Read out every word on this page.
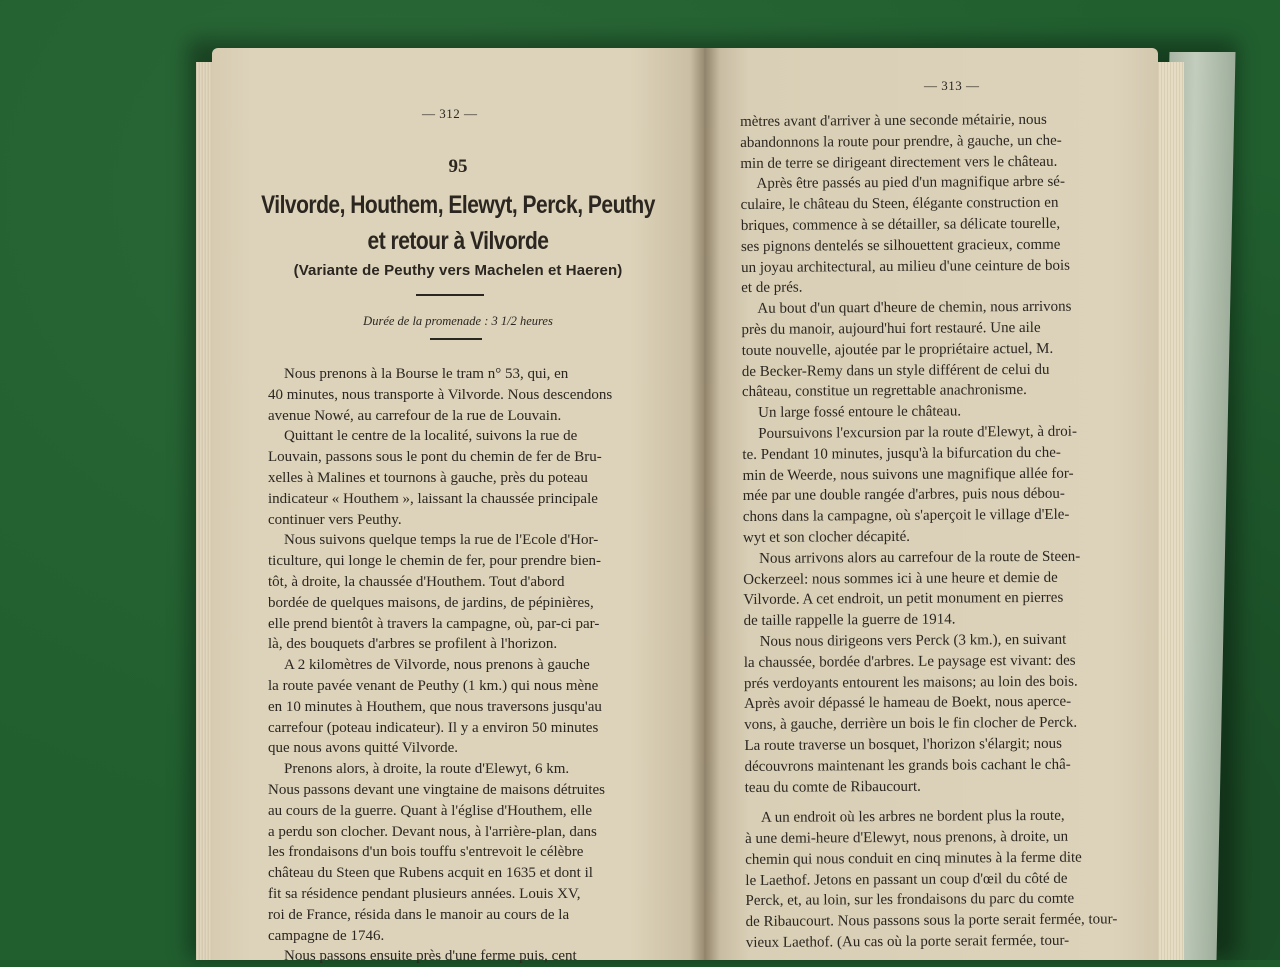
— 312 —
95
Vilvorde, Houthem, Elewyt, Perck, Peuthy
et retour à Vilvorde
(Variante de Peuthy vers Machelen et Haeren)
Durée de la promenade : 3 1/2 heures
Nous prenons à la Bourse le tram n° 53, qui, en
40 minutes, nous transporte à Vilvorde. Nous descendons
avenue Nowé, au carrefour de la rue de Louvain.
Quittant le centre de la localité, suivons la rue de
Louvain, passons sous le pont du chemin de fer de Bru-
xelles à Malines et tournons à gauche, près du poteau
indicateur « Houthem », laissant la chaussée principale
continuer vers Peuthy.
Nous suivons quelque temps la rue de l'Ecole d'Hor-
ticulture, qui longe le chemin de fer, pour prendre bien-
tôt, à droite, la chaussée d'Houthem. Tout d'abord
bordée de quelques maisons, de jardins, de pépinières,
elle prend bientôt à travers la campagne, où, par-ci par-
là, des bouquets d'arbres se profilent à l'horizon.
A 2 kilomètres de Vilvorde, nous prenons à gauche
la route pavée venant de Peuthy (1 km.) qui nous mène
en 10 minutes à Houthem, que nous traversons jusqu'au
carrefour (poteau indicateur). Il y a environ 50 minutes
que nous avons quitté Vilvorde.
Prenons alors, à droite, la route d'Elewyt, 6 km.
Nous passons devant une vingtaine de maisons détruites
au cours de la guerre. Quant à l'église d'Houthem, elle
a perdu son clocher. Devant nous, à l'arrière-plan, dans
les frondaisons d'un bois touffu s'entrevoit le célèbre
château du Steen que Rubens acquit en 1635 et dont il
fit sa résidence pendant plusieurs années. Louis XV,
roi de France, résida dans le manoir au cours de la
campagne de 1746.
Nous passons ensuite près d'une ferme puis, cent
— 313 —
mètres avant d'arriver à une seconde métairie, nous
abandonnons la route pour prendre, à gauche, un che-
min de terre se dirigeant directement vers le château.
Après être passés au pied d'un magnifique arbre sé-
culaire, le château du Steen, élégante construction en
briques, commence à se détailler, sa délicate tourelle,
ses pignons dentelés se silhouettent gracieux, comme
un joyau architectural, au milieu d'une ceinture de bois
et de prés.
Au bout d'un quart d'heure de chemin, nous arrivons
près du manoir, aujourd'hui fort restauré. Une aile
toute nouvelle, ajoutée par le propriétaire actuel, M.
de Becker-Remy dans un style différent de celui du
château, constitue un regrettable anachronisme.
Un large fossé entoure le château.
Poursuivons l'excursion par la route d'Elewyt, à droi-
te. Pendant 10 minutes, jusqu'à la bifurcation du che-
min de Weerde, nous suivons une magnifique allée for-
mée par une double rangée d'arbres, puis nous débou-
chons dans la campagne, où s'aperçoit le village d'Ele-
wyt et son clocher décapité.
Nous arrivons alors au carrefour de la route de Steen-
Ockerzeel: nous sommes ici à une heure et demie de
Vilvorde. A cet endroit, un petit monument en pierres
de taille rappelle la guerre de 1914.
Nous nous dirigeons vers Perck (3 km.), en suivant
la chaussée, bordée d'arbres. Le paysage est vivant: des
prés verdoyants entourent les maisons; au loin des bois.
Après avoir dépassé le hameau de Boekt, nous aperce-
vons, à gauche, derrière un bois le fin clocher de Perck.
La route traverse un bosquet, l'horizon s'élargit; nous
découvrons maintenant les grands bois cachant le châ-
teau du comte de Ribaucourt.
A un endroit où les arbres ne bordent plus la route,
à une demi-heure d'Elewyt, nous prenons, à droite, un
chemin qui nous conduit en cinq minutes à la ferme dite
le Laethof. Jetons en passant un coup d'œil du côté de
Perck, et, au loin, sur les frondaisons du parc du comte
de Ribaucourt. Nous passons sous la porte serait fermée, tour-
vieux Laethof. (Au cas où la porte serait fermée, tour-
